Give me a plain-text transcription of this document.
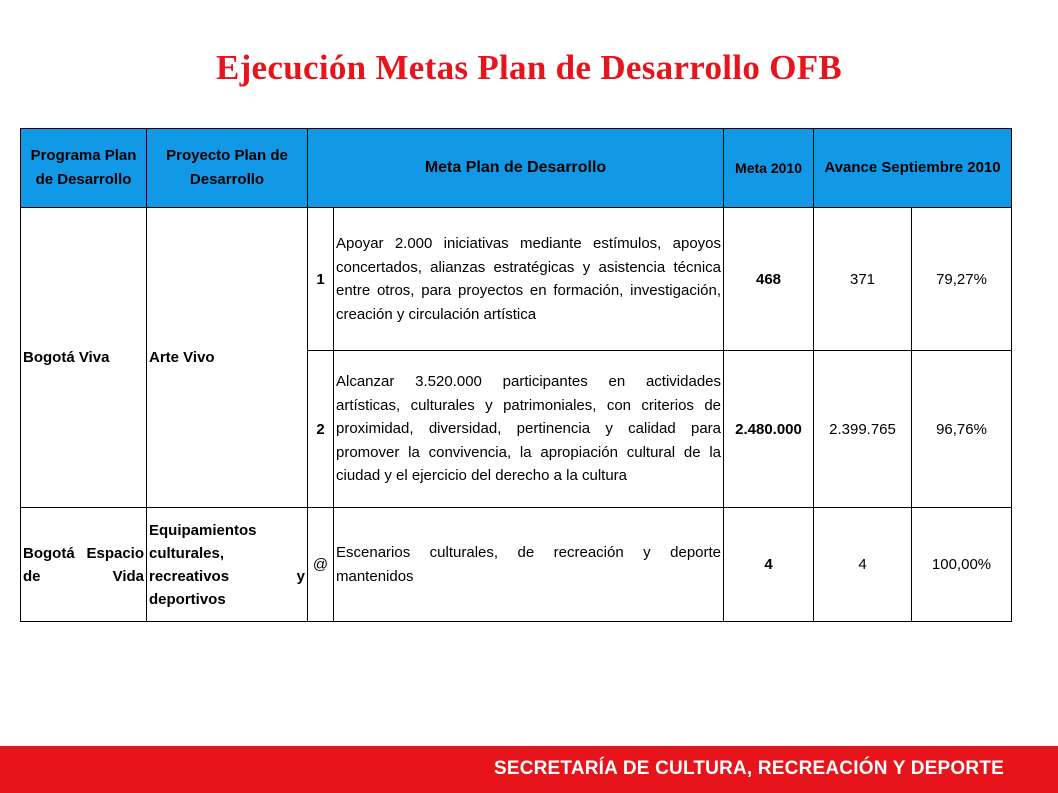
Ejecución Metas Plan de Desarrollo OFB
Programa Plan de Desarrollo	Proyecto Plan de Desarrollo	Meta Plan de Desarrollo		Meta 2010	Avance Septiembre 2010	
Bogotá Viva	Arte Vivo	1	Apoyar 2.000 iniciativas mediante estímulos, apoyos concertados, alianzas estratégicas y asistencia técnica entre otros, para proyectos en formación, investigación, creación y circulación artística	468	371	79,27%
		2	Alcanzar 3.520.000 participantes en actividades artísticas, culturales y patrimoniales, con criterios de proximidad, diversidad, pertinencia y calidad para promover la convivencia, la apropiación cultural de la ciudad y el ejercicio del derecho a la cultura	2.480.000	2.399.765	96,76%
Bogotá Espacio de Vida	Equipamientos culturales, recreativos y deportivos	@	Escenarios culturales, de recreación y deporte mantenidos	4	4	100,00%
SECRETARÍA DE CULTURA, RECREACIÓN Y DEPORTE
